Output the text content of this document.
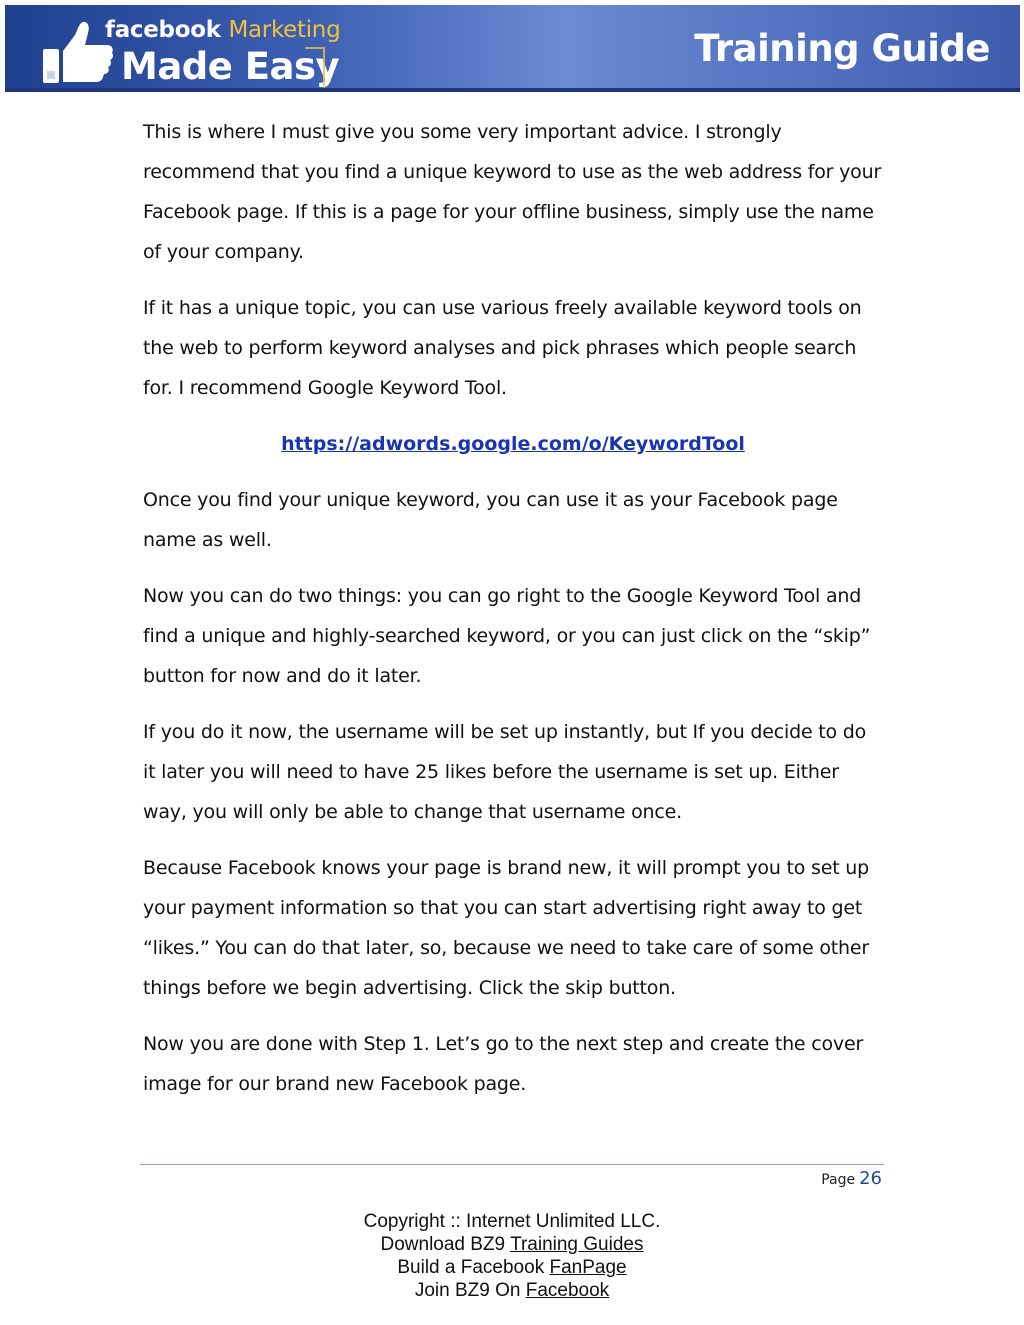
facebook Marketing
Made Easy	Training Guide

This is where I must give you some very important advice. I strongly recommend that you find a unique keyword to use as the web address for your Facebook page. If this is a page for your offline business, simply use the name of your company.

If it has a unique topic, you can use various freely available keyword tools on the web to perform keyword analyses and pick phrases which people search for. I recommend Google Keyword Tool.

https://adwords.google.com/o/KeywordTool

Once you find your unique keyword, you can use it as your Facebook page name as well.

Now you can do two things: you can go right to the Google Keyword Tool and find a unique and highly-searched keyword, or you can just click on the “skip” button for now and do it later.

If you do it now, the username will be set up instantly, but If you decide to do it later you will need to have 25 likes before the username is set up. Either way, you will only be able to change that username once.

Because Facebook knows your page is brand new, it will prompt you to set up your payment information so that you can start advertising right away to get “likes.” You can do that later, so, because we need to take care of some other things before we begin advertising. Click the skip button.

Now you are done with Step 1. Let’s go to the next step and create the cover image for our brand new Facebook page.

Page 26
Copyright :: Internet Unlimited LLC.
Download BZ9 Training Guides
Build a Facebook FanPage
Join BZ9 On Facebook
